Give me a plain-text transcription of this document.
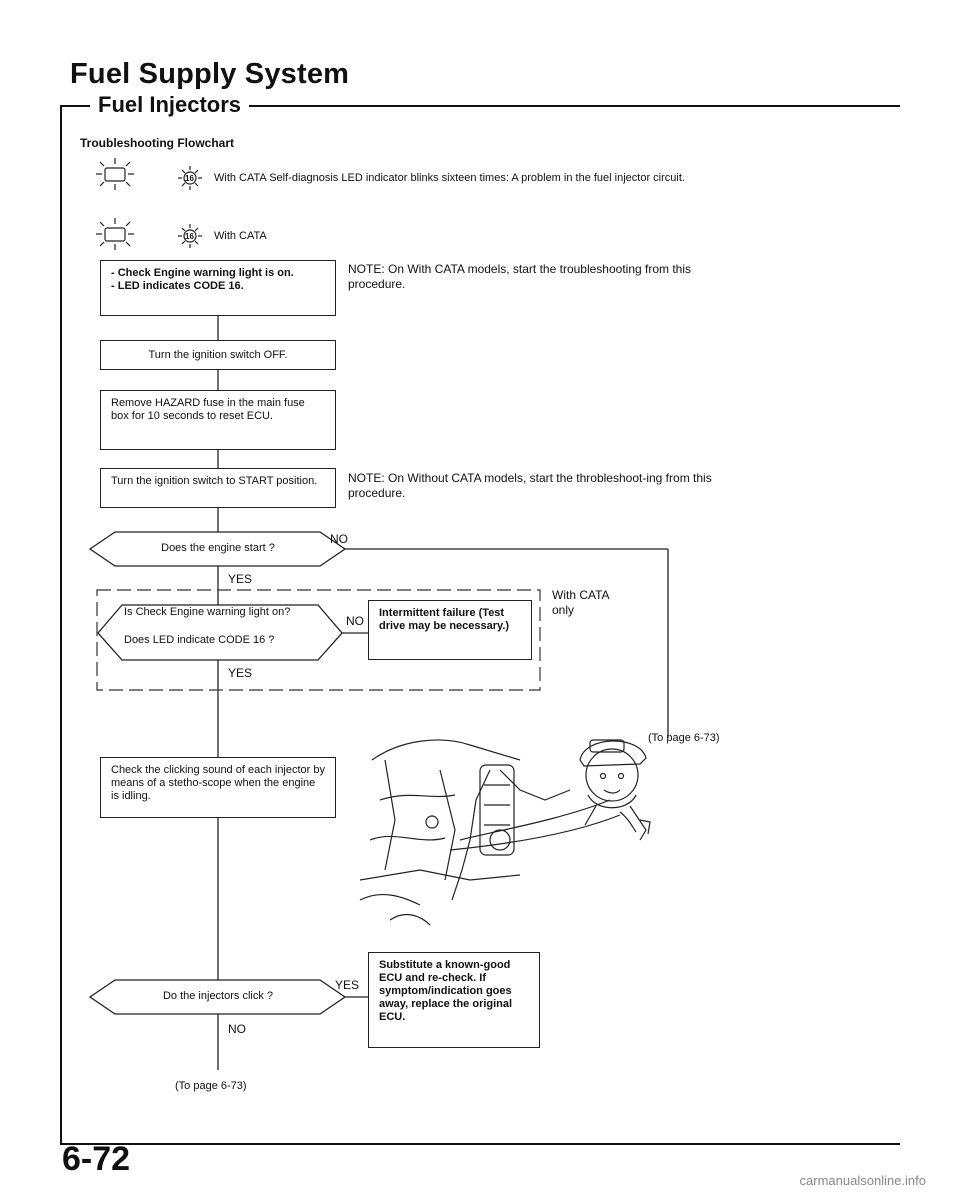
Fuel Supply System
Fuel Injectors
Troubleshooting Flowchart
16 With CATA Self-diagnosis LED indicator blinks sixteen times: A problem in the fuel injector circuit.
16 With CATA
NOTE: On With CATA models, start the troubleshooting from this procedure.
NOTE: On Without CATA models, start the throbleshoot-ing from this procedure.
- Check Engine warning light is on.
- LED indicates CODE 16.
Turn the ignition switch OFF.
Remove HAZARD fuse in the main fuse box for 10 seconds to reset ECU.
Turn the ignition switch to START position.
Does the engine start ?
NO
YES
With CATA only
Is Check Engine warning light on?
Does LED indicate CODE 16 ?
NO
YES
Intermittent failure (Test drive may be necessary.)
(To page 6-73)
Check the clicking sound of each injector by means of a stetho-scope when the engine is idling.
Do the injectors click ?
YES
NO
Substitute a known-good ECU and re-check. If symptom/indication goes away, replace the original ECU.
(To page 6-73)
6-72
carmanualsonline.info
